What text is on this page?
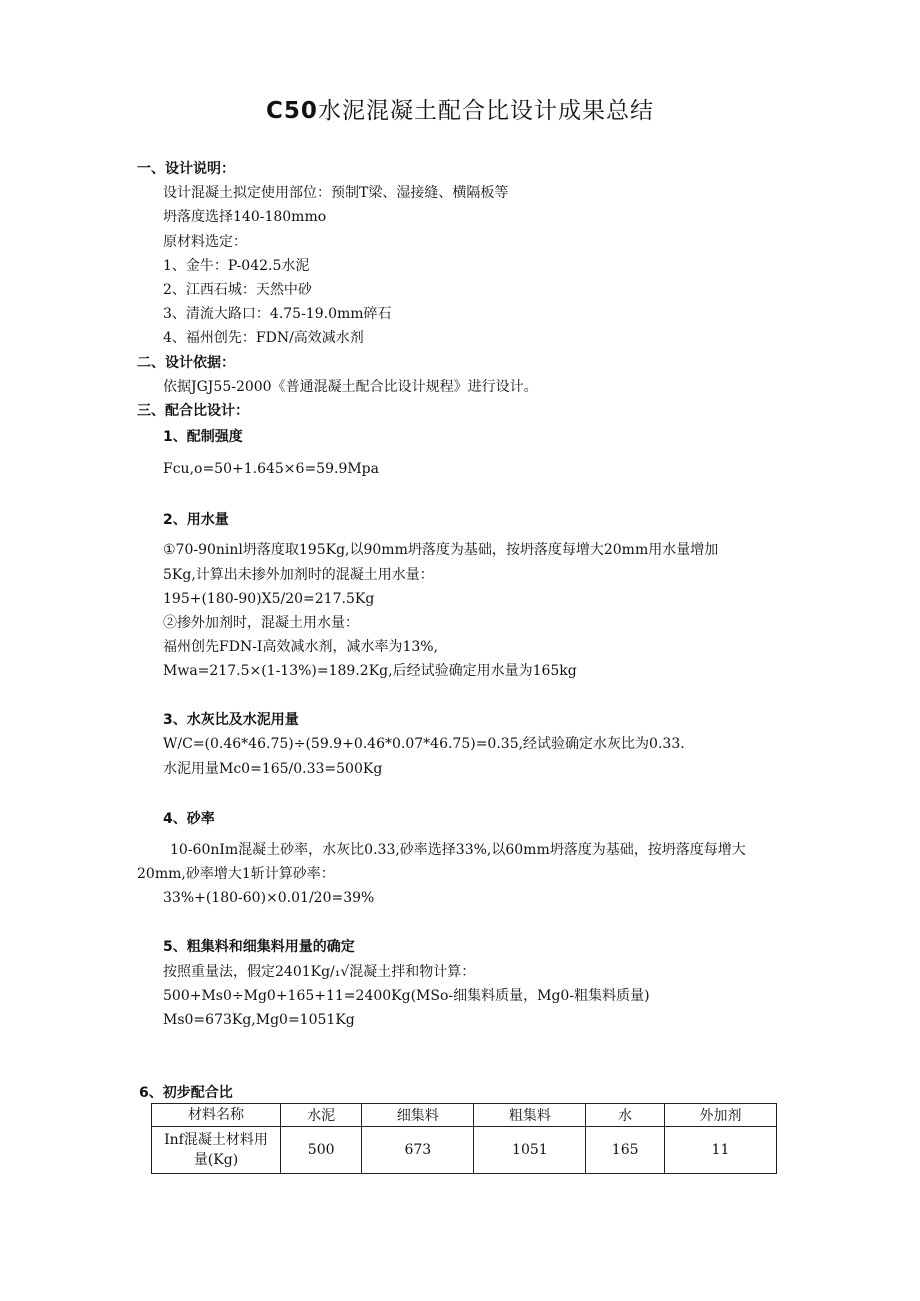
C50水泥混凝土配合比设计成果总结
一、设计说明：
设计混凝土拟定使用部位：预制T梁、湿接缝、横隔板等
坍落度选择140-180mmo
原材料选定：
1、金牛：P-042.5水泥
2、江西石城：天然中砂
3、清流大路口：4.75-19.0mm碎石
4、福州创先：FDN/高效减水剂
二、设计依据：
依据JGJ55-2000《普通混凝土配合比设计规程》进行设计。
三、配合比设计：
1、配制强度
Fcu,o=50+1.645×6=59.9Mpa
2、用水量
①70-90ninl坍落度取195Kg,以90mm坍落度为基础，按坍落度每增大20mm用水量增加
5Kg,计算出未掺外加剂时的混凝土用水量：
195+(180-90)X5/20=217.5Kg
②掺外加剂时，混凝土用水量：
福州创先FDN-I高效减水剂，减水率为13%,
Mwa=217.5×(1-13%)=189.2Kg,后经试验确定用水量为165kg
3、水灰比及水泥用量
W/C=(0.46*46.75)÷(59.9+0.46*0.07*46.75)=0.35,经试验确定水灰比为0.33.
水泥用量Mc0=165/0.33=500Kg
4、砂率
10-60nIm混凝土砂率，水灰比0.33,砂率选择33%,以60mm坍落度为基础，按坍落度每增大
20mm,砂率增大1斩计算砂率：
33%+(180-60)×0.01/20=39%
5、粗集料和细集料用量的确定
按照重量法，假定2401Kg/₁√混凝土拌和物计算：
500+Ms0÷Mg0+165+11=2400Kg(MSo-细集料质量，Mg0-粗集料质量)
Ms0=673Kg,Mg0=1051Kg
6、初步配合比
材料名称	水泥	细集料	粗集料	水	外加剂

Inf混凝土材料用
量(Kg)	500	673	1051	165	11
